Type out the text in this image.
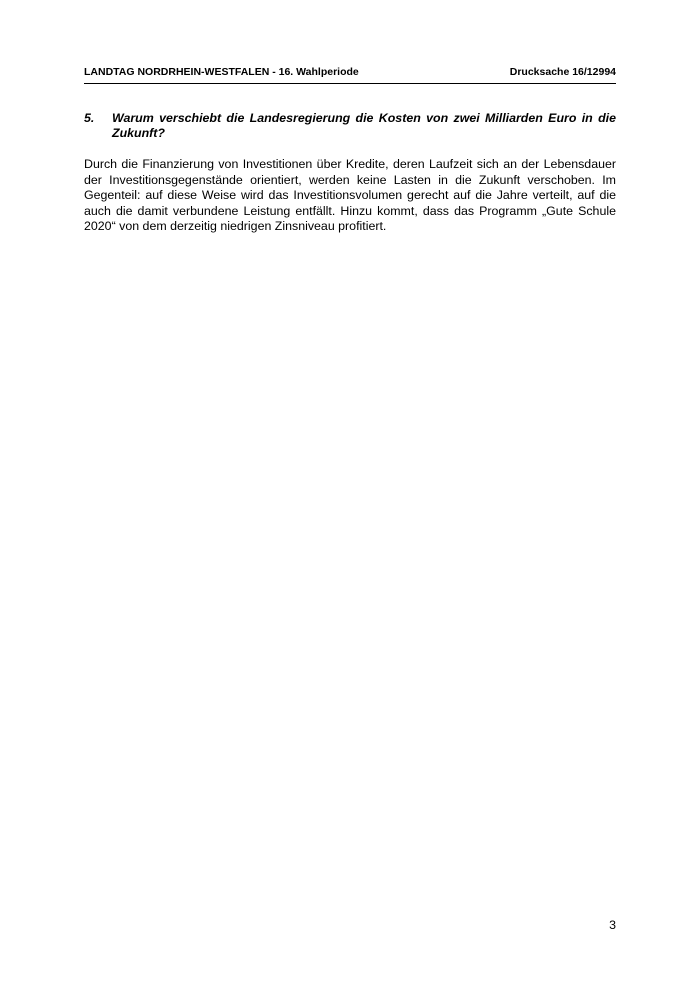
LANDTAG NORDRHEIN-WESTFALEN - 16. Wahlperiode	Drucksache 16/12994
5.	Warum verschiebt die Landesregierung die Kosten von zwei Milliarden Euro in die Zukunft?

Durch die Finanzierung von Investitionen über Kredite, deren Laufzeit sich an der Lebensdauer der Investitionsgegenstände orientiert, werden keine Lasten in die Zukunft verschoben. Im Gegenteil: auf diese Weise wird das Investitionsvolumen gerecht auf die Jahre verteilt, auf die auch die damit verbundene Leistung entfällt. Hinzu kommt, dass das Programm „Gute Schule 2020“ von dem derzeitig niedrigen Zinsniveau profitiert.

3
